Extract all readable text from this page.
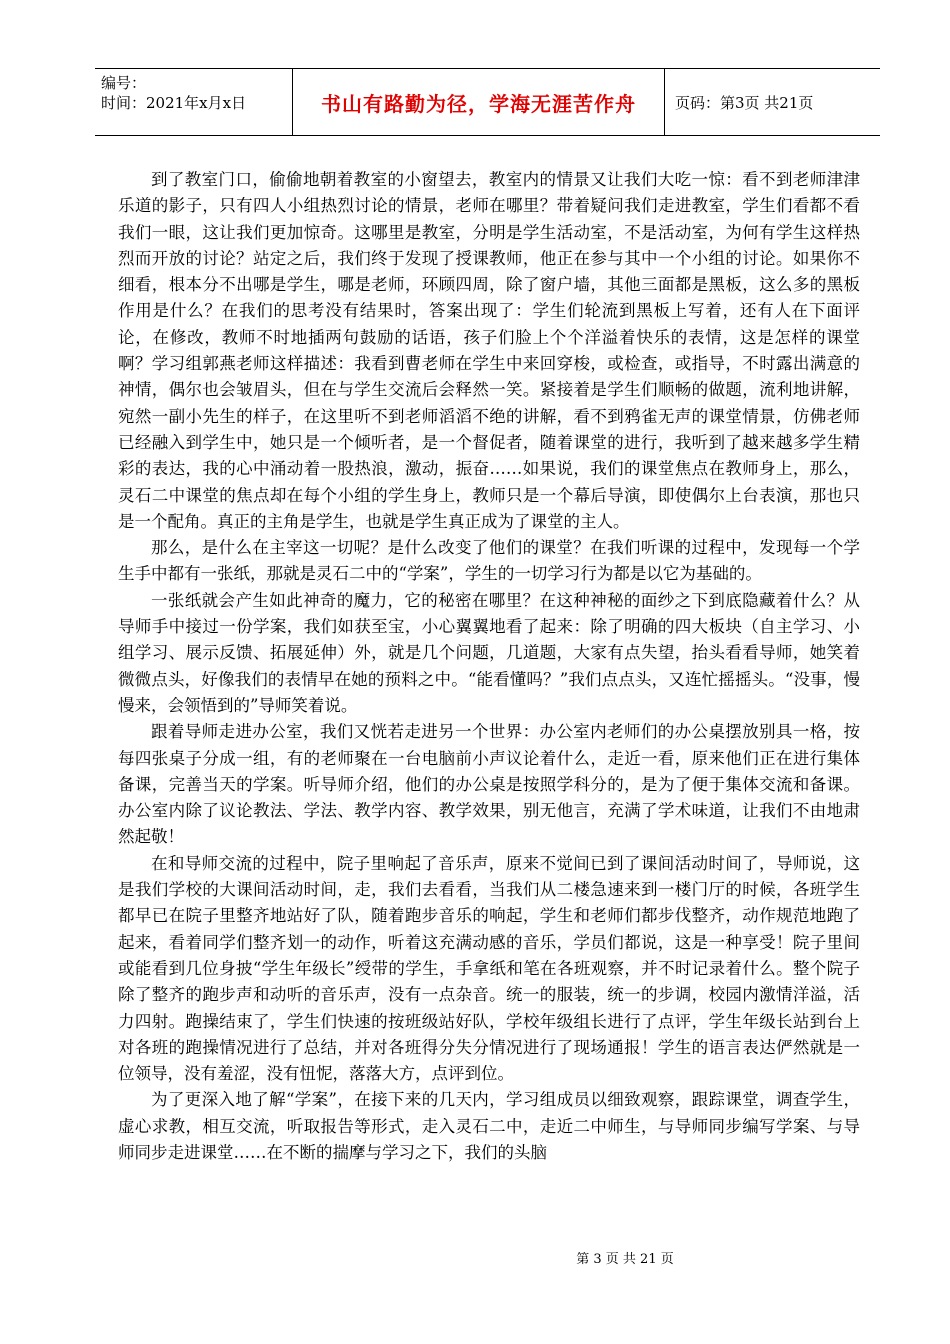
编号：
时间：2021年x月x日	书山有路勤为径，学海无涯苦作舟	页码：第3页 共21页

到了教室门口，偷偷地朝着教室的小窗望去，教室内的情景又让我们大吃一惊：看不到老师津津乐道的影子，只有四人小组热烈讨论的情景，老师在哪里？带着疑问我们走进教室，学生们看都不看我们一眼，这让我们更加惊奇。这哪里是教室，分明是学生活动室，不是活动室，为何有学生这样热烈而开放的讨论？站定之后，我们终于发现了授课教师，他正在参与其中一个小组的讨论。如果你不细看，根本分不出哪是学生，哪是老师，环顾四周，除了窗户墙，其他三面都是黑板，这么多的黑板作用是什么？在我们的思考没有结果时，答案出现了：学生们轮流到黑板上写着，还有人在下面评论，在修改，教师不时地插两句鼓励的话语，孩子们脸上个个洋溢着快乐的表情，这是怎样的课堂啊？学习组郭燕老师这样描述：我看到曹老师在学生中来回穿梭，或检查，或指导，不时露出满意的神情，偶尔也会皱眉头，但在与学生交流后会释然一笑。紧接着是学生们顺畅的做题，流利地讲解，宛然一副小先生的样子，在这里听不到老师滔滔不绝的讲解，看不到鸦雀无声的课堂情景，仿佛老师已经融入到学生中，她只是一个倾听者，是一个督促者，随着课堂的进行，我听到了越来越多学生精彩的表达，我的心中涌动着一股热浪，激动，振奋……如果说，我们的课堂焦点在教师身上，那么，灵石二中课堂的焦点却在每个小组的学生身上，教师只是一个幕后导演，即使偶尔上台表演，那也只是一个配角。真正的主角是学生，也就是学生真正成为了课堂的主人。

那么，是什么在主宰这一切呢？是什么改变了他们的课堂？在我们听课的过程中，发现每一个学生手中都有一张纸，那就是灵石二中的“学案”，学生的一切学习行为都是以它为基础的。

一张纸就会产生如此神奇的魔力，它的秘密在哪里？在这种神秘的面纱之下到底隐藏着什么？从导师手中接过一份学案，我们如获至宝，小心翼翼地看了起来：除了明确的四大板块（自主学习、小组学习、展示反馈、拓展延伸）外，就是几个问题，几道题，大家有点失望，抬头看看导师，她笑着微微点头，好像我们的表情早在她的预料之中。“能看懂吗？”我们点点头，又连忙摇摇头。“没事，慢慢来，会领悟到的”导师笑着说。

跟着导师走进办公室，我们又恍若走进另一个世界：办公室内老师们的办公桌摆放别具一格，按每四张桌子分成一组，有的老师聚在一台电脑前小声议论着什么，走近一看，原来他们正在进行集体备课，完善当天的学案。听导师介绍，他们的办公桌是按照学科分的，是为了便于集体交流和备课。办公室内除了议论教法、学法、教学内容、教学效果，别无他言，充满了学术味道，让我们不由地肃然起敬！

在和导师交流的过程中，院子里响起了音乐声，原来不觉间已到了课间活动时间了，导师说，这是我们学校的大课间活动时间，走，我们去看看，当我们从二楼急速来到一楼门厅的时候，各班学生都早已在院子里整齐地站好了队，随着跑步音乐的响起，学生和老师们都步伐整齐，动作规范地跑了起来，看着同学们整齐划一的动作，听着这充满动感的音乐，学员们都说，这是一种享受！院子里间或能看到几位身披“学生年级长”绶带的学生，手拿纸和笔在各班观察，并不时记录着什么。整个院子除了整齐的跑步声和动听的音乐声，没有一点杂音。统一的服装，统一的步调，校园内激情洋溢，活力四射。跑操结束了，学生们快速的按班级站好队，学校年级组长进行了点评，学生年级长站到台上对各班的跑操情况进行了总结，并对各班得分失分情况进行了现场通报！学生的语言表达俨然就是一位领导，没有羞涩，没有忸怩，落落大方，点评到位。

为了更深入地了解“学案”，在接下来的几天内，学习组成员以细致观察，跟踪课堂，调查学生，虚心求教，相互交流，听取报告等形式，走入灵石二中，走近二中师生，与导师同步编写学案、与导师同步走进课堂……在不断的揣摩与学习之下，我们的头脑

第 3 页 共 21 页
